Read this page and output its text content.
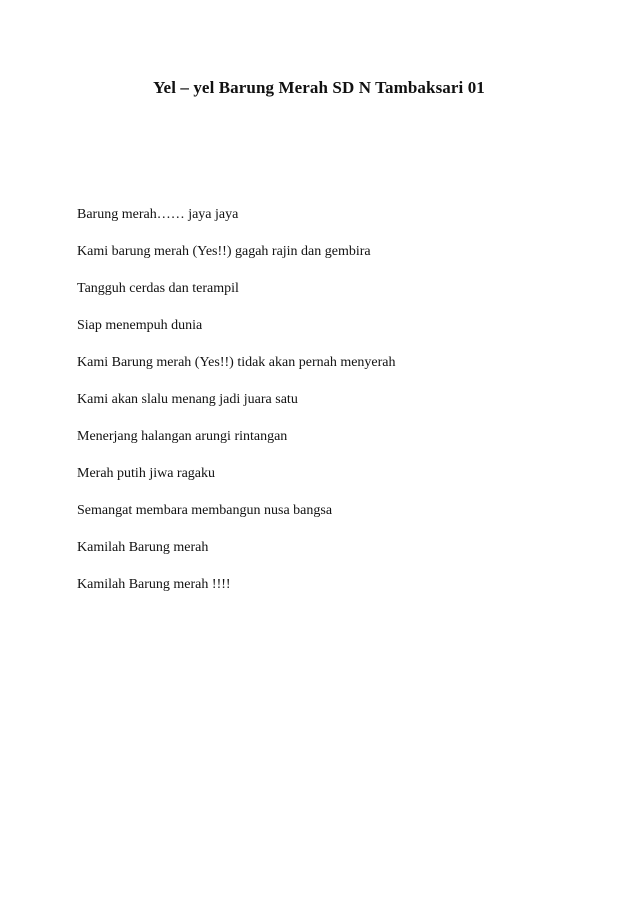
Yel – yel Barung Merah SD N Tambaksari 01
Barung merah…… jaya jaya
Kami barung merah (Yes!!) gagah rajin dan gembira
Tangguh cerdas dan terampil
Siap menempuh dunia
Kami Barung merah (Yes!!) tidak akan pernah menyerah
Kami akan slalu menang jadi juara satu
Menerjang halangan arungi rintangan
Merah putih jiwa ragaku
Semangat membara membangun nusa bangsa
Kamilah Barung merah
Kamilah Barung merah !!!!
